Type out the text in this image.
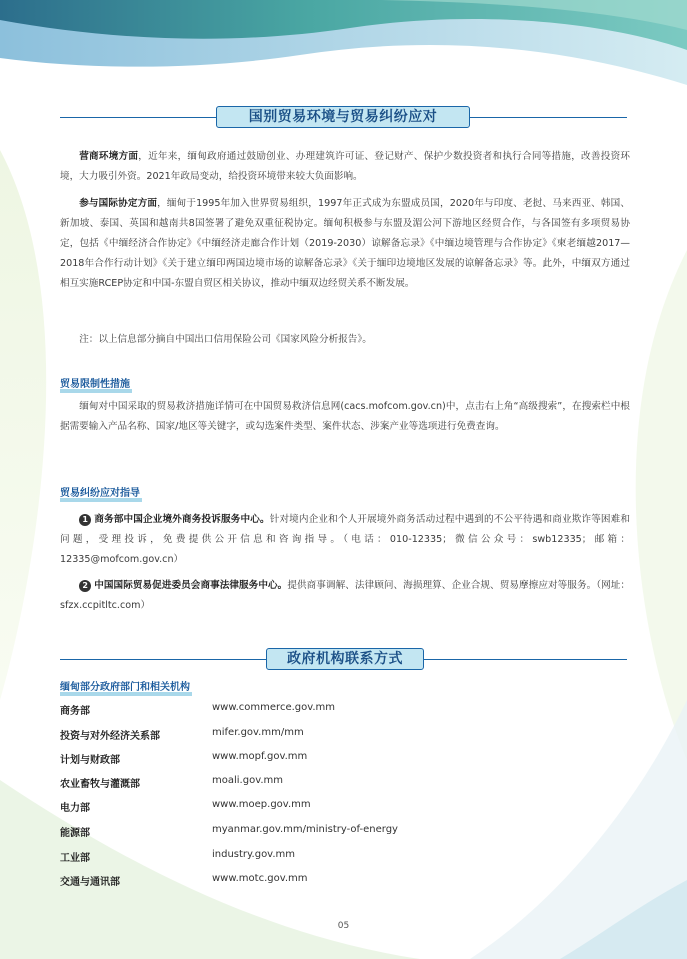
国别贸易环境与贸易纠纷应对

营商环境方面，近年来，缅甸政府通过鼓励创业、办理建筑许可证、登记财产、保护少数投资者和执行合同等措施，改善投资环境，大力吸引外资。2021年政局变动，给投资环境带来较大负面影响。

参与国际协定方面，缅甸于1995年加入世界贸易组织，1997年正式成为东盟成员国，2020年与印度、老挝、马来西亚、韩国、新加坡、泰国、英国和越南共8国签署了避免双重征税协定。缅甸积极参与东盟及湄公河下游地区经贸合作，与各国签有多项贸易协定，包括《中缅经济合作协定》《中缅经济走廊合作计划（2019-2030）谅解备忘录》《中缅边境管理与合作协定》《柬老缅越2017—2018年合作行动计划》《关于建立缅印两国边境市场的谅解备忘录》《关于缅印边境地区发展的谅解备忘录》等。此外，中缅双方通过相互实施RCEP协定和中国-东盟自贸区相关协议，推动中缅双边经贸关系不断发展。

注：以上信息部分摘自中国出口信用保险公司《国家风险分析报告》。

贸易限制性措施

缅甸对中国采取的贸易救济措施详情可在中国贸易救济信息网(cacs.mofcom.gov.cn)中，点击右上角“高级搜索”，在搜索栏中根据需要输入产品名称、国家/地区等关键字，或勾选案件类型、案件状态、涉案产业等选项进行免费查询。

贸易纠纷应对指导

1 商务部中国企业境外商务投诉服务中心。针对境内企业和个人开展境外商务活动过程中遇到的不公平待遇和商业欺诈等困难和问题，受理投诉，免费提供公开信息和咨询指导。（电话：010-12335；微信公众号：swb12335；邮箱：12335@mofcom.gov.cn）

2 中国国际贸易促进委员会商事法律服务中心。提供商事调解、法律顾问、海损理算、企业合规、贸易摩擦应对等服务。（网址：sfzx.ccpitltc.com）

政府机构联系方式
缅甸部分政府部门和相关机构
商务部	www.commerce.gov.mm
投资与对外经济关系部	mifer.gov.mm/mm
计划与财政部	www.mopf.gov.mm
农业畜牧与灌溉部	moali.gov.mm
电力部	www.moep.gov.mm
能源部	myanmar.gov.mm/ministry-of-energy
工业部	industry.gov.mm
交通与通讯部	www.motc.gov.mm
05
